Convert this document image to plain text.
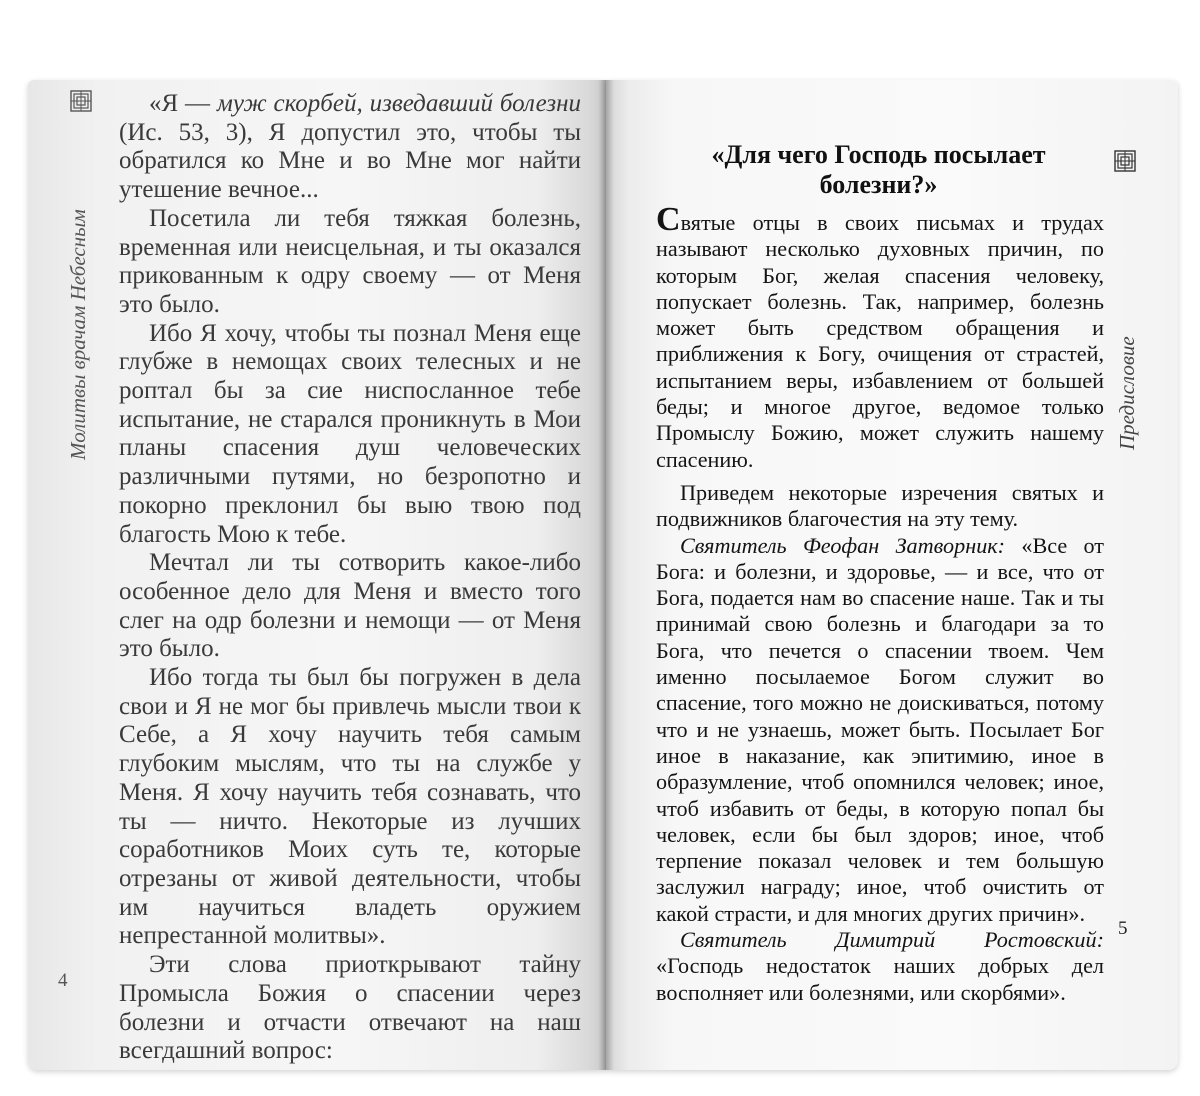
Молитвы врачам Небесным

«Я — муж скорбей, изведавший болезни (Ис. 53, 3), Я допустил это, чтобы ты обратился ко Мне и во Мне мог найти утешение вечное...

Посетила ли тебя тяжкая болезнь, временная или неисцельная, и ты оказался прикованным к одру своему — от Меня это было.

Ибо Я хочу, чтобы ты познал Меня еще глубже в немощах своих телесных и не роптал бы за сие ниспосланное тебе испытание, не старался проникнуть в Мои планы спасения душ человеческих различными путями, но безропотно и покорно преклонил бы выю твою под благость Мою к тебе.

Мечтал ли ты сотворить какое-либо особенное дело для Меня и вместо того слег на одр болезни и немощи — от Меня это было.

Ибо тогда ты был бы погружен в дела свои и Я не мог бы привлечь мысли твои к Себе, а Я хочу научить тебя самым глубоким мыслям, что ты на службе у Меня. Я хочу научить тебя сознавать, что ты — ничто. Некоторые из лучших соработников Моих суть те, которые отрезаны от живой деятельности, чтобы им научиться владеть оружием непрестанной молитвы».

Эти слова приоткрывают тайну Промысла Божия о спасении через болезни и отчасти отвечают на наш всегдашний вопрос:

4
Предисловие
«Для чего Господь посылает болезни?»

Святые отцы в своих письмах и трудах называют несколько духовных причин, по которым Бог, желая спасения человеку, попускает болезнь. Так, например, болезнь может быть средством обращения и приближения к Богу, очищения от страстей, испытанием веры, избавлением от большей беды; и многое другое, ведомое только Промыслу Божию, может служить нашему спасению.

Приведем некоторые изречения святых и подвижников благочестия на эту тему.

Святитель Феофан Затворник: «Все от Бога: и болезни, и здоровье, — и все, что от Бога, подается нам во спасение наше. Так и ты принимай свою болезнь и благодари за то Бога, что печется о спасении твоем. Чем именно посылаемое Богом служит во спасение, того можно не доискиваться, потому что и не узнаешь, может быть. Посылает Бог иное в наказание, как эпитимию, иное в образумление, чтоб опомнился человек; иное, чтоб избавить от беды, в которую попал бы человек, если бы был здоров; иное, чтоб терпение показал человек и тем большую заслужил награду; иное, чтоб очистить от какой страсти, и для многих других причин».

Святитель Димитрий Ростовский: «Господь недостаток наших добрых дел восполняет или болезнями, или скорбями».

5
